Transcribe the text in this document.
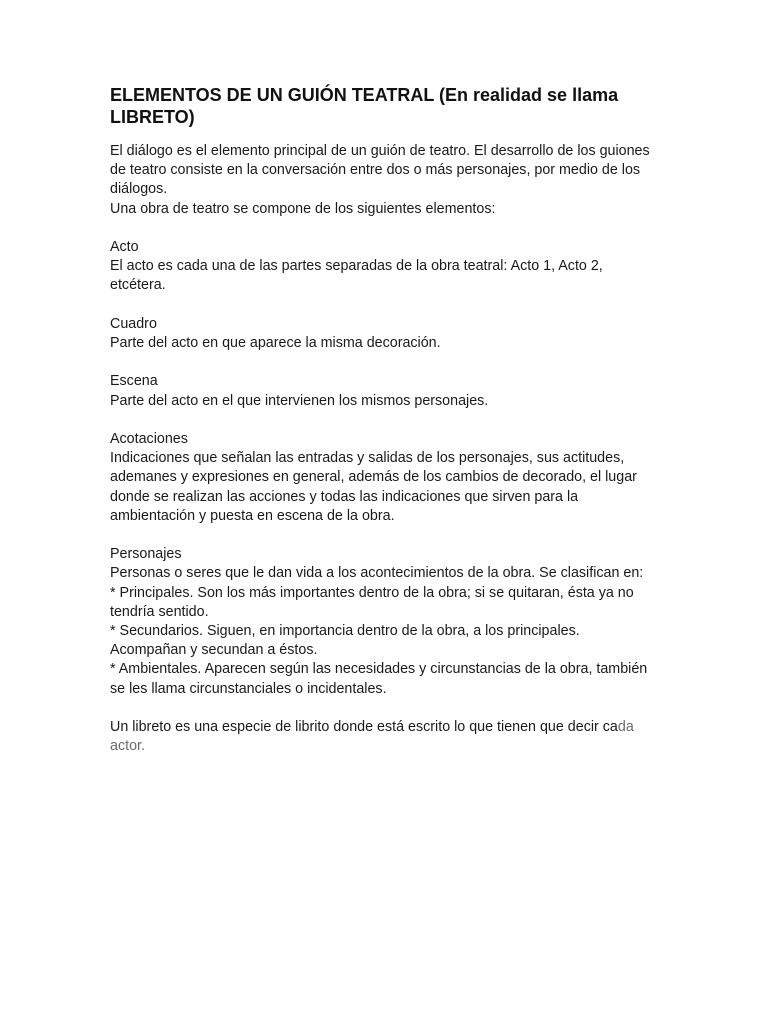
ELEMENTOS DE UN GUIÓN TEATRAL (En realidad se llama LIBRETO)

El diálogo es el elemento principal de un guión de teatro. El desarrollo de los guiones de teatro consiste en la conversación entre dos o más personajes, por medio de los diálogos.

Una obra de teatro se compone de los siguientes elementos:

Acto

El acto es cada una de las partes separadas de la obra teatral: Acto 1, Acto 2, etcétera.

Cuadro

Parte del acto en que aparece la misma decoración.

Escena

Parte del acto en el que intervienen los mismos personajes.

Acotaciones

Indicaciones que señalan las entradas y salidas de los personajes, sus actitudes, ademanes y expresiones en general, además de los cambios de decorado, el lugar donde se realizan las acciones y todas las indicaciones que sirven para la ambientación y puesta en escena de la obra.

Personajes

Personas o seres que le dan vida a los acontecimientos de la obra. Se clasifican en:

* Principales. Son los más importantes dentro de la obra; si se quitaran, ésta ya no tendría sentido.

* Secundarios. Siguen, en importancia dentro de la obra, a los principales. Acompañan y secundan a éstos.

* Ambientales. Aparecen según las necesidades y circunstancias de la obra, también se les llama circunstanciales o incidentales.

Un libreto es una especie de librito donde está escrito lo que tienen que decir cada actor.
